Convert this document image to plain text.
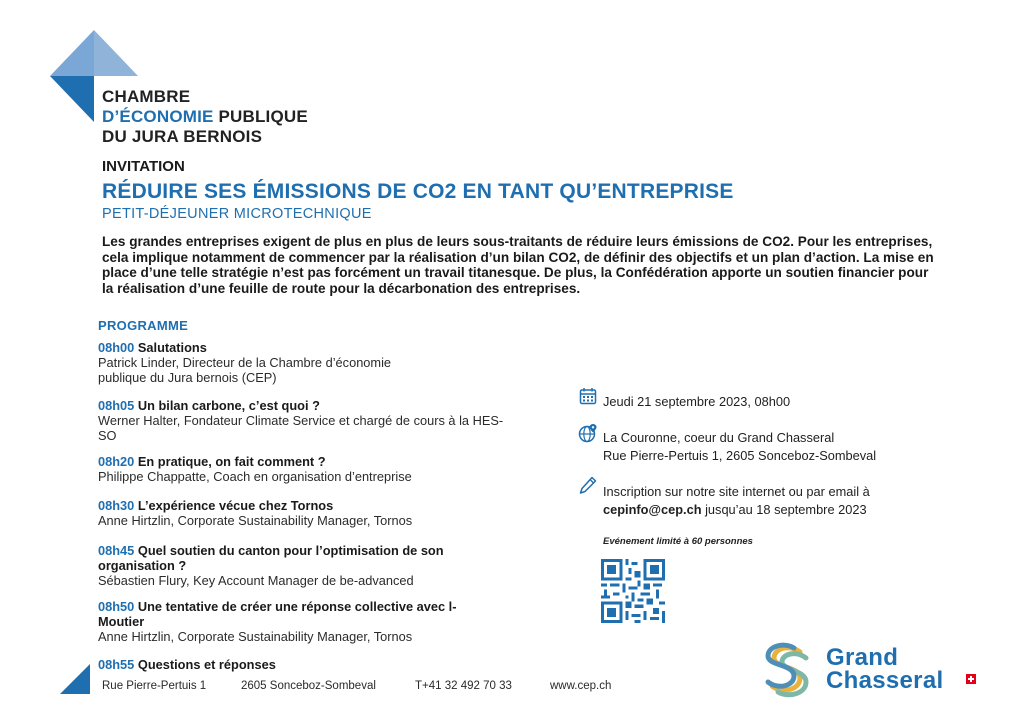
CHAMBRE
D’ÉCONOMIE PUBLIQUE
DU JURA BERNOIS
INVITATION
RÉDUIRE SES ÉMISSIONS DE CO2 EN TANT QU’ENTREPRISE
PETIT-DÉJEUNER MICROTECHNIQUE
Les grandes entreprises exigent de plus en plus de leurs sous-traitants de réduire leurs émissions de CO2. Pour les entreprises, cela implique notamment de commencer par la réalisation d’un bilan CO2, de définir des objectifs et un plan d’action. La mise en place d’une telle stratégie n’est pas forcément un travail titanesque. De plus, la Confédération apporte un soutien financier pour la réalisation d’une feuille de route pour la décarbonation des entreprises.
PROGRAMME
08h00 Salutations
Patrick Linder, Directeur de la Chambre d’économie publique du Jura bernois (CEP)
08h05 Un bilan carbone, c’est quoi ?
Werner Halter, Fondateur Climate Service et chargé de cours à la HES-SO
08h20 En pratique, on fait comment ?
Philippe Chappatte, Coach en organisation d’entreprise
08h30 L’expérience vécue chez Tornos
Anne Hirtzlin, Corporate Sustainability Manager, Tornos
08h45 Quel soutien du canton pour l’optimisation de son organisation ?
Sébastien Flury, Key Account Manager de be-advanced
08h50 Une tentative de créer une réponse collective avec l-Moutier
Anne Hirtzlin, Corporate Sustainability Manager, Tornos
08h55 Questions et réponses
Jeudi 21 septembre 2023, 08h00
La Couronne, coeur du Grand Chasseral
Rue Pierre-Pertuis 1, 2605 Sonceboz-Sombeval
Inscription sur notre site internet ou par email à
cepinfo@cep.ch jusqu’au 18 septembre 2023
Evénement limité à 60 personnes
Rue Pierre-Pertuis 1	2605 Sonceboz-Sombeval	T+41 32 492 70 33	www.cep.ch
Grand
Chasseral
